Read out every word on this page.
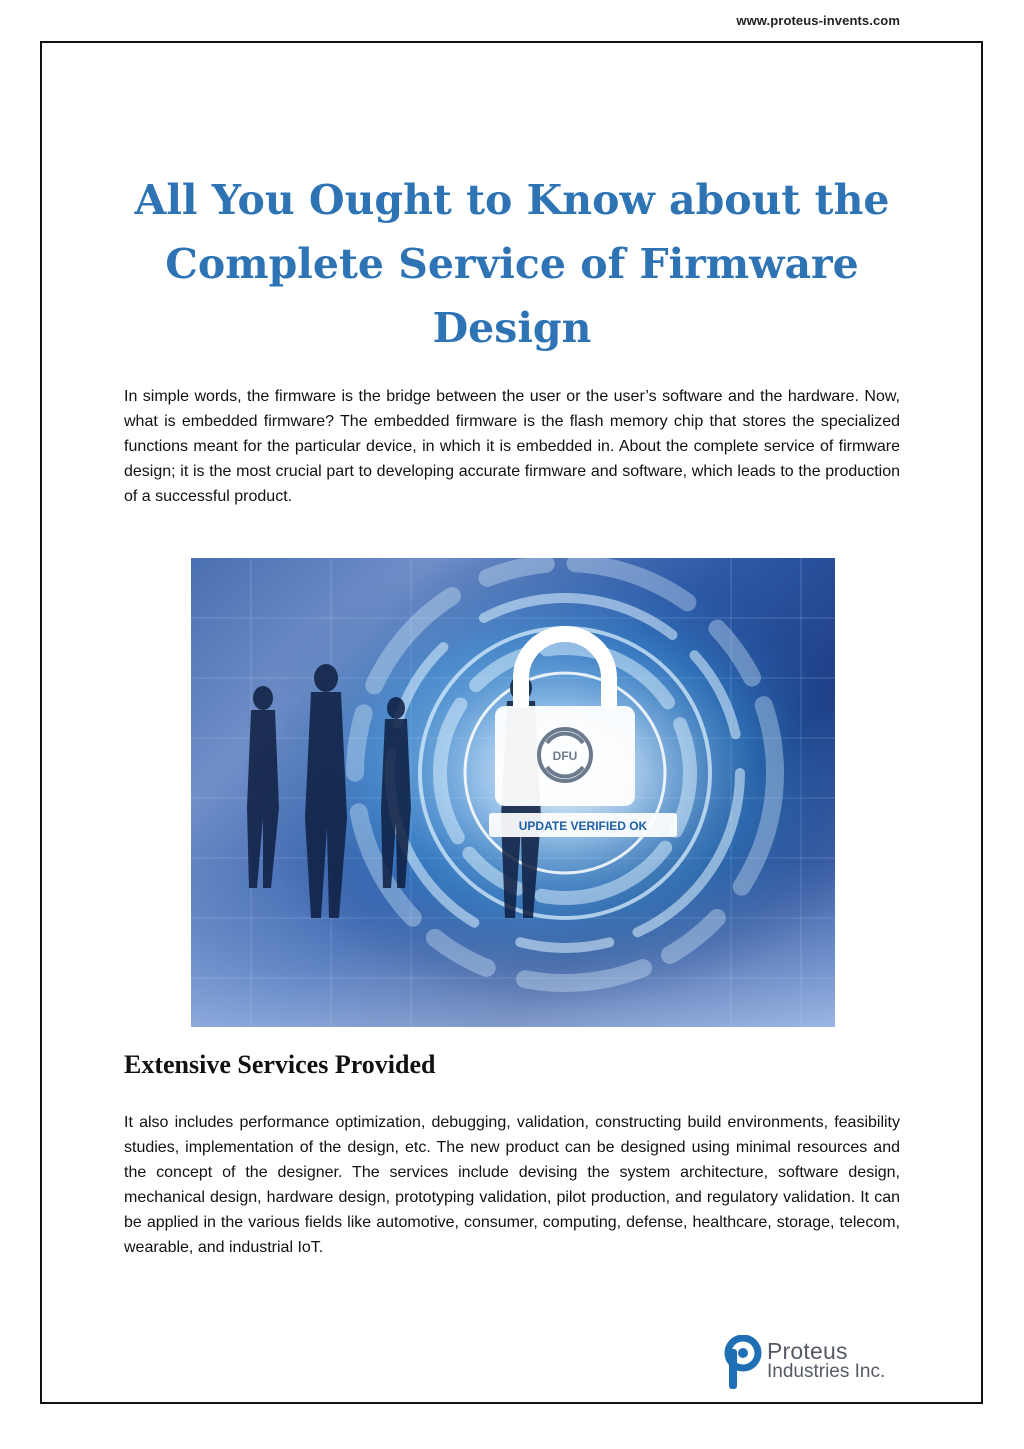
www.proteus-invents.com
All You Ought to Know about the Complete Service of Firmware Design

In simple words, the firmware is the bridge between the user or the user’s software and the hardware. Now, what is embedded firmware? The embedded firmware is the flash memory chip that stores the specialized functions meant for the particular device, in which it is embedded in. About the complete service of firmware design; it is the most crucial part to developing accurate firmware and software, which leads to the production of a successful product.

DFU
UPDATE VERIFIED OK
Extensive Services Provided

It also includes performance optimization, debugging, validation, constructing build environments, feasibility studies, implementation of the design, etc. The new product can be designed using minimal resources and the concept of the designer. The services include devising the system architecture, software design, mechanical design, hardware design, prototyping validation, pilot production, and regulatory validation. It can be applied in the various fields like automotive, consumer, computing, defense, healthcare, storage, telecom, wearable, and industrial IoT.

Proteus
Industries Inc.
